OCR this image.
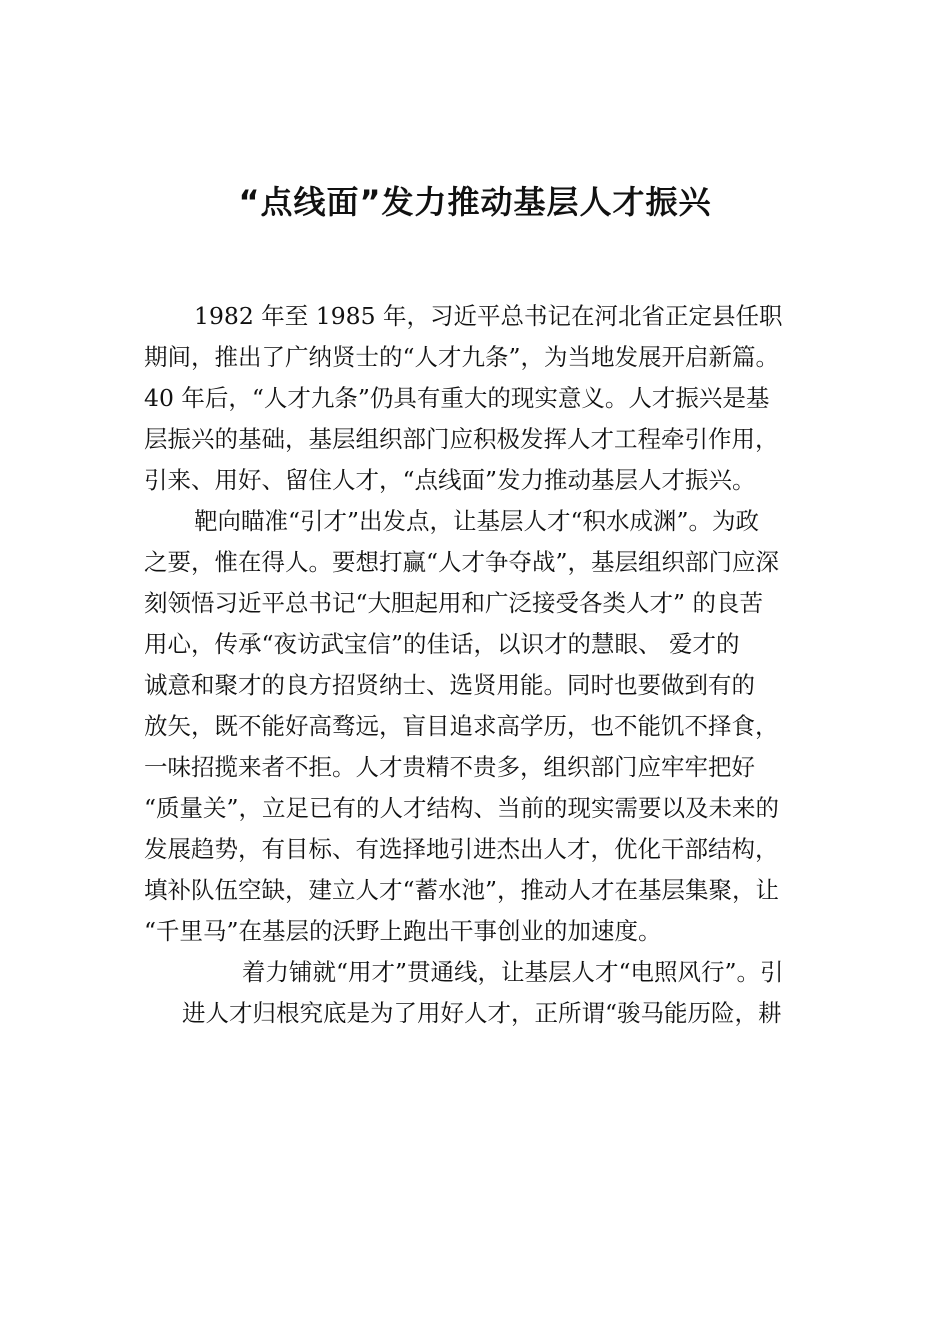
“点线面”发力推动基层人才振兴
1982 年至 1985 年，习近平总书记在河北省正定县任职
期间，推出了广纳贤士的“人才九条”，为当地发展开启新篇。
40 年后，“人才九条”仍具有重大的现实意义。人才振兴是基
层振兴的基础，基层组织部门应积极发挥人才工程牵引作用，
引来、用好、留住人才，“点线面”发力推动基层人才振兴。
靶向瞄准“引才”出发点，让基层人才“积水成渊”。为政
之要，惟在得人。要想打赢“人才争夺战”，基层组织部门应深
刻领悟习近平总书记“大胆起用和广泛接受各类人才” 的良苦
用心，传承“夜访武宝信”的佳话，以识才的慧眼、 爱才的
诚意和聚才的良方招贤纳士、选贤用能。同时也要做到有的
放矢，既不能好高骛远，盲目追求高学历，也不能饥不择食，
一味招揽来者不拒。人才贵精不贵多，组织部门应牢牢把好
“质量关”，立足已有的人才结构、当前的现实需要以及未来的
发展趋势，有目标、有选择地引进杰出人才，优化干部结构，
填补队伍空缺，建立人才“蓄水池”，推动人才在基层集聚，让
“千里马”在基层的沃野上跑出干事创业的加速度。
着力铺就“用才”贯通线，让基层人才“电照风行”。引
进人才归根究底是为了用好人才，正所谓“骏马能历险，耕
